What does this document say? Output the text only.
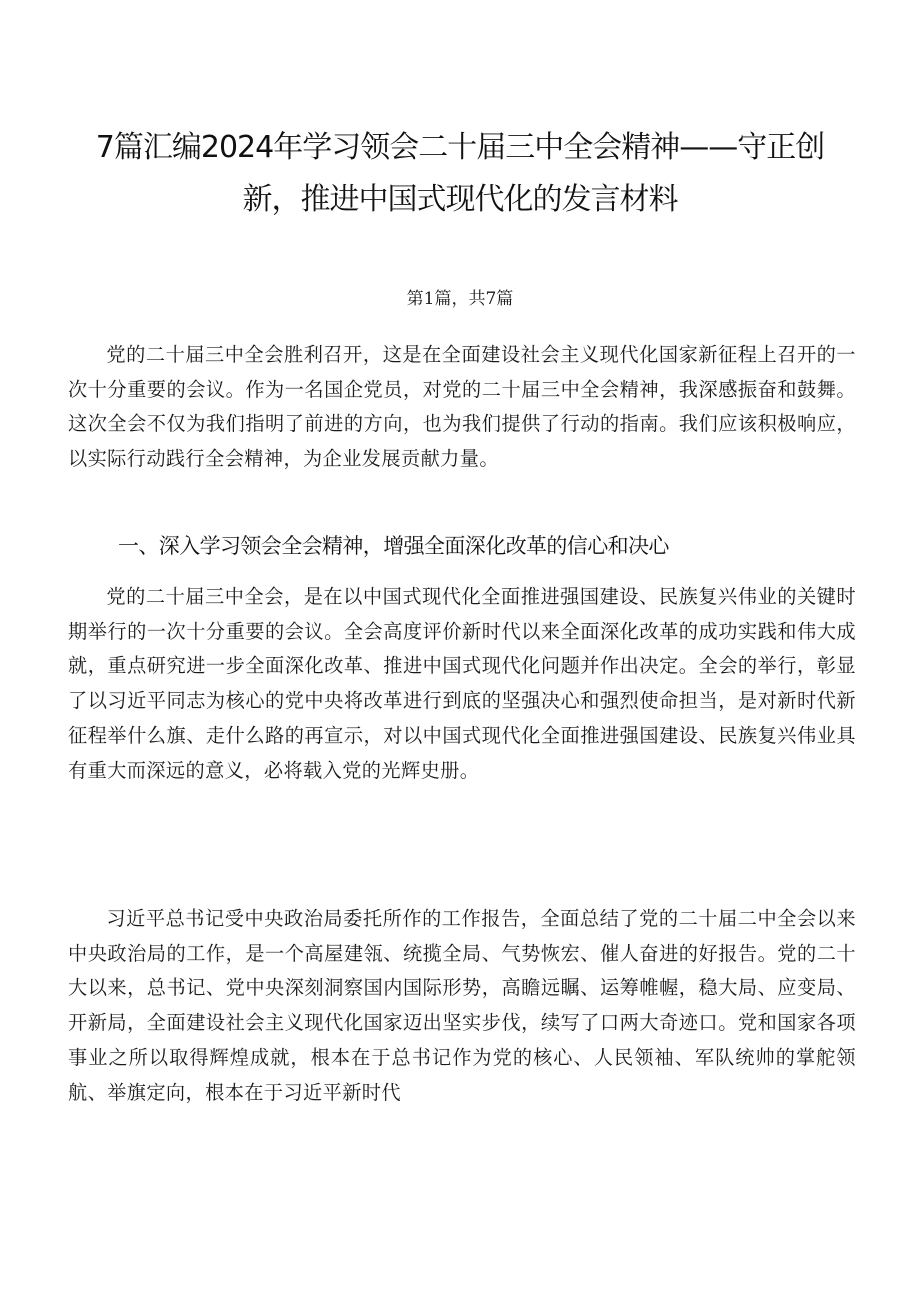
7篇汇编2024年学习领会二十届三中全会精神——守正创新，推进中国式现代化的发言材料

第1篇，共7篇

党的二十届三中全会胜利召开，这是在全面建设社会主义现代化国家新征程上召开的一次十分重要的会议。作为一名国企党员，对党的二十届三中全会精神，我深感振奋和鼓舞。这次全会不仅为我们指明了前进的方向，也为我们提供了行动的指南。我们应该积极响应，以实际行动践行全会精神，为企业发展贡献力量。

一、深入学习领会全会精神，增强全面深化改革的信心和决心

党的二十届三中全会，是在以中国式现代化全面推进强国建设、民族复兴伟业的关键时期举行的一次十分重要的会议。全会高度评价新时代以来全面深化改革的成功实践和伟大成就，重点研究进一步全面深化改革、推进中国式现代化问题并作出决定。全会的举行，彰显了以习近平同志为核心的党中央将改革进行到底的坚强决心和强烈使命担当，是对新时代新征程举什么旗、走什么路的再宣示，对以中国式现代化全面推进强国建设、民族复兴伟业具有重大而深远的意义，必将载入党的光辉史册。

习近平总书记受中央政治局委托所作的工作报告，全面总结了党的二十届二中全会以来中央政治局的工作，是一个高屋建瓴、统揽全局、气势恢宏、催人奋进的好报告。党的二十大以来，总书记、党中央深刻洞察国内国际形势，高瞻远瞩、运筹帷幄，稳大局、应变局、开新局，全面建设社会主义现代化国家迈出坚实步伐，续写了口两大奇迹口。党和国家各项事业之所以取得辉煌成就，根本在于总书记作为党的核心、人民领袖、军队统帅的掌舵领航、举旗定向，根本在于习近平新时代
